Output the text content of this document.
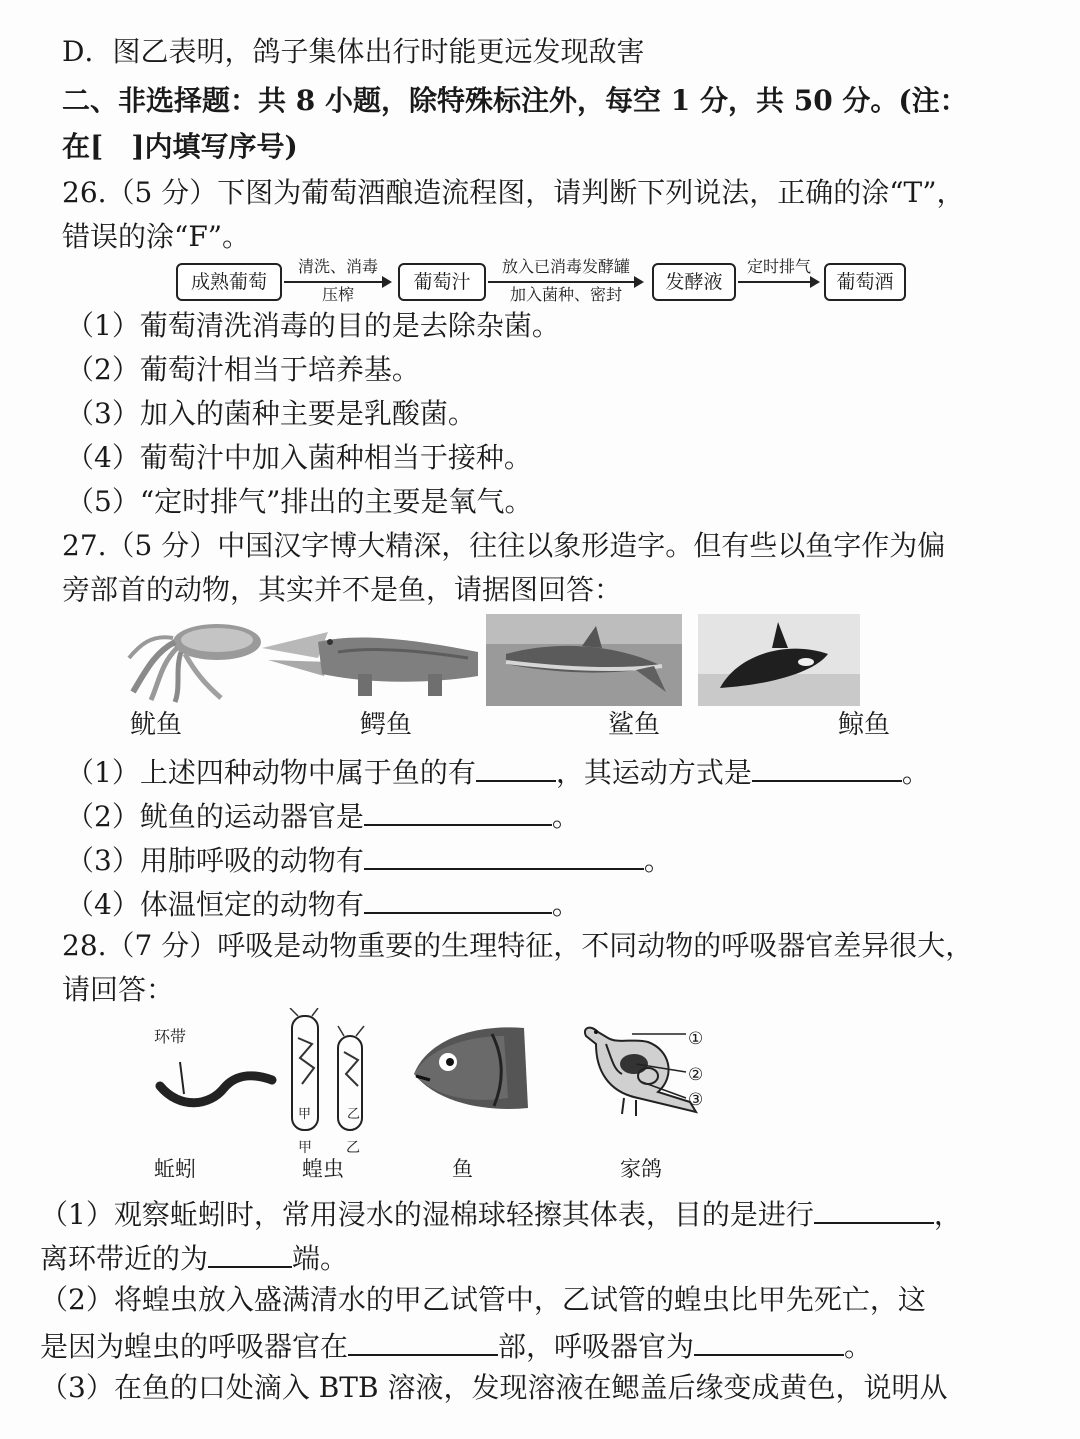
D．图乙表明，鸽子集体出行时能更远发现敌害
二、非选择题：共 8 小题，除特殊标注外，每空 1 分，共 50 分。(注：
在[　]内填写序号)
26.（5 分）下图为葡萄酒酿造流程图，请判断下列说法，正确的涂“T”，
错误的涂“F”。
成熟葡萄
清洗、消毒
压榨
葡萄汁
放入已消毒发酵罐
加入菌种、密封
发酵液
定时排气
葡萄酒
（1）葡萄清洗消毒的目的是去除杂菌。
（2）葡萄汁相当于培养基。
（3）加入的菌种主要是乳酸菌。
（4）葡萄汁中加入菌种相当于接种。
（5）“定时排气”排出的主要是氧气。
27.（5 分）中国汉字博大精深，往往以象形造字。但有些以鱼字作为偏
旁部首的动物，其实并不是鱼，请据图回答：
鱿鱼	鳄鱼	鲨鱼	鲸鱼
（1）上述四种动物中属于鱼的有	，其运动方式是	。
（2）鱿鱼的运动器官是	。
（3）用肺呼吸的动物有	。
（4）体温恒定的动物有	。
28.（7 分）呼吸是动物重要的生理特征，不同动物的呼吸器官差异很大，
请回答：
环带
甲	乙
甲 乙
①
②
③
蚯蚓	蝗虫	鱼	家鸽
（1）观察蚯蚓时，常用浸水的湿棉球轻擦其体表，目的是进行	，
离环带近的为	端。
（2）将蝗虫放入盛满清水的甲乙试管中，乙试管的蝗虫比甲先死亡，这
是因为蝗虫的呼吸器官在	部，呼吸器官为	。
（3）在鱼的口处滴入 BTB 溶液，发现溶液在鳃盖后缘变成黄色，说明从
